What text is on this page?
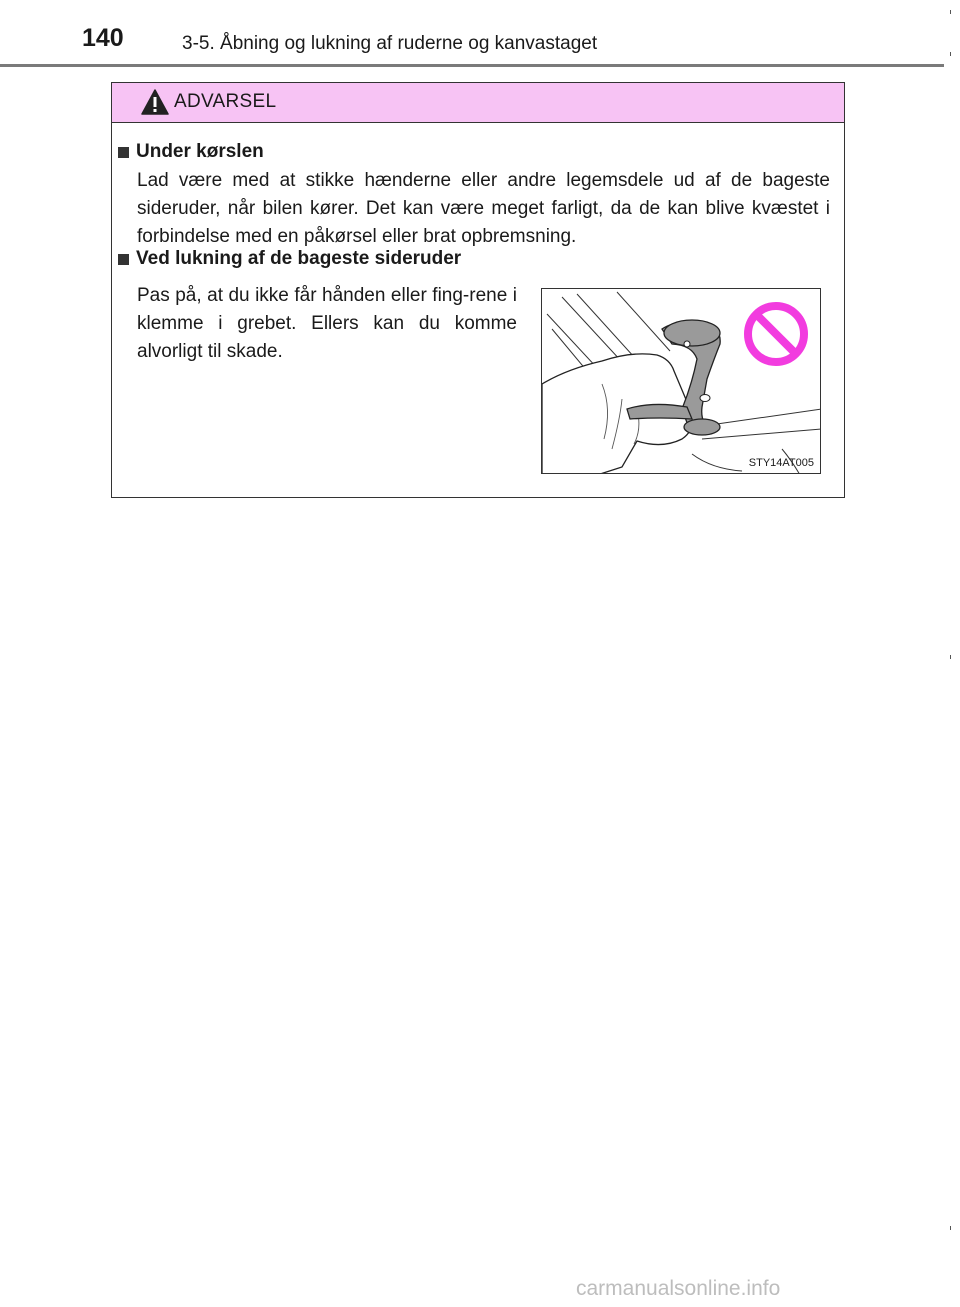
140	3-5. Åbning og lukning af ruderne og kanvastaget
ADVARSEL
Under kørslen
Lad være med at stikke hænderne eller andre legemsdele ud af de bageste sideruder, når bilen kører. Det kan være meget farligt, da de kan blive kvæstet i forbindelse med en påkørsel eller brat opbremsning.
Ved lukning af de bageste sideruder
Pas på, at du ikke får hånden eller fing-rene i klemme i grebet. Ellers kan du komme alvorligt til skade.
STY14AT005
carmanualsonline.info
